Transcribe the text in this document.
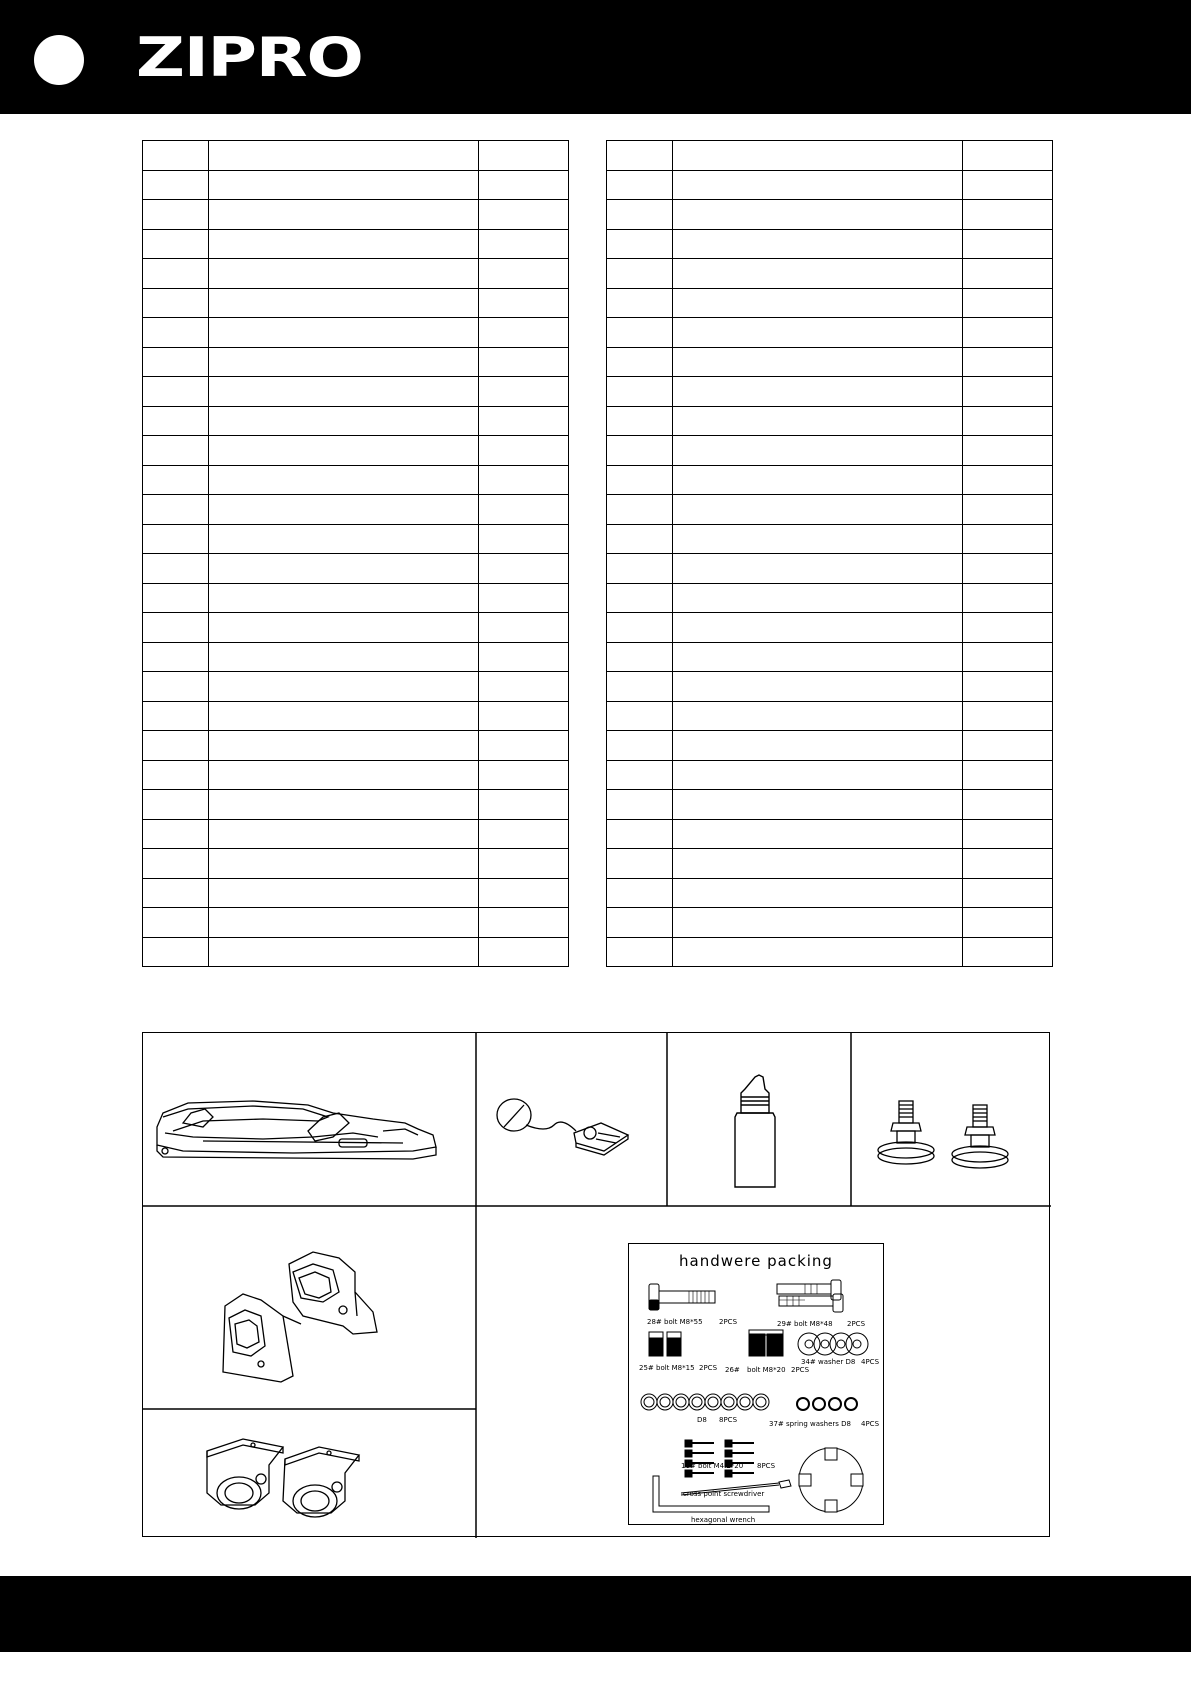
ZIPRO

handwere packing
28# bolt M8*55 2PCS	29# bolt M8*48 2PCS
25# bolt M8*15 2PCS 26# bolt M8*20 2PCS
34# washer D8 4PCS
D8 8PCS	37# spring washers D8 4PCS
16# bolt M4.2*20 8PCS
cross point screwdriver
hexagonal wrench
